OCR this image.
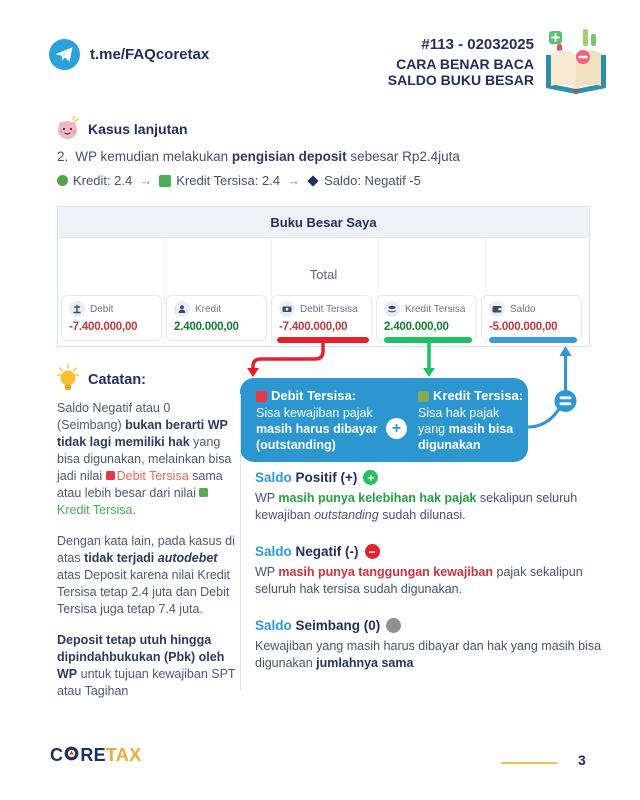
t.me/FAQcoretax
#113 - 02032025
CARA BENAR BACA
SALDO BUKU BESAR
Kasus lanjutan
2. WP kemudian melakukan pengisian deposit sebesar Rp2.4juta
Kredit: 2.4 → Kredit Tersisa: 2.4 → Saldo: Negatif -5
Buku Besar Saya
Total
Debit
-7.400.000,00
Kredit
2.400.000,00
Debit Tersisa
-7.400.000,00
Kredit Tersisa
2.400.000,00
Saldo
-5.000.000,00
Debit Tersisa:
Sisa kewajiban pajak
masih harus dibayar
(outstanding)
+
Kredit Tersisa:
Sisa hak pajak
yang masih bisa
digunakan
Catatan:

Saldo Negatif atau 0 (Seimbang) bukan berarti WP tidak lagi memiliki hak yang bisa digunakan, melainkan bisa jadi nilai Debit Tersisa sama atau lebih besar dari nilai Kredit Tersisa.

Dengan kata lain, pada kasus di atas tidak terjadi autodebet atas Deposit karena nilai Kredit Tersisa tetap 2.4 juta dan Debit Tersisa juga tetap 7.4 juta.

Deposit tetap utuh hingga dipindahbukukan (Pbk) oleh WP untuk tujuan kewajiban SPT atau Tagihan

Saldo Positif (+) +
WP masih punya kelebihan hak pajak sekalipun seluruh kewajiban outstanding sudah dilunasi.
Saldo Negatif (-) −
WP masih punya tanggungan kewajiban pajak sekalipun seluruh hak tersisa sudah digunakan.
Saldo Seimbang (0)
Kewajiban yang masih harus dibayar dan hak yang masih bisa digunakan jumlahnya sama
C RE TAX	3
